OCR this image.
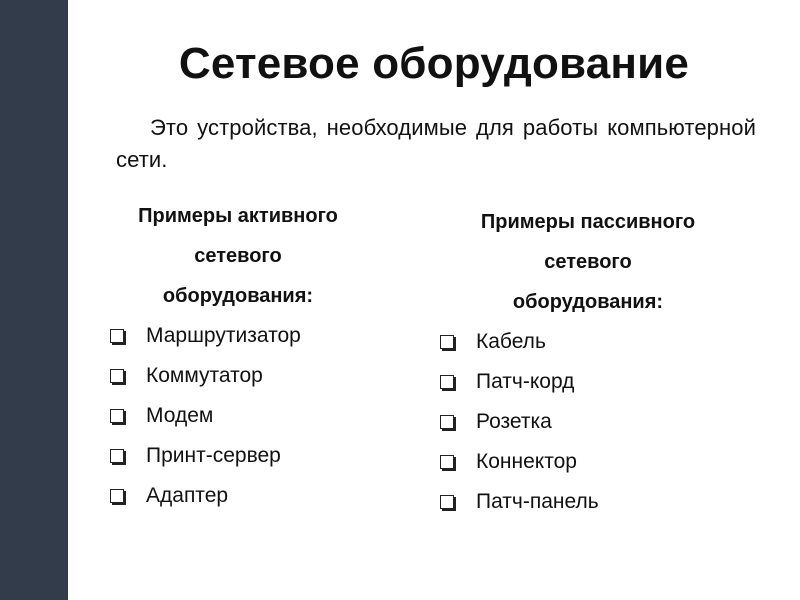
Сетевое оборудование
Это устройства, необходимые для работы компьютерной сети.
Примеры активного
сетевого
оборудования:
Маршрутизатор
Коммутатор
Модем
Принт-сервер
Адаптер
Примеры пассивного
сетевого
оборудования:
Кабель
Патч-корд
Розетка
Коннектор
Патч-панель
